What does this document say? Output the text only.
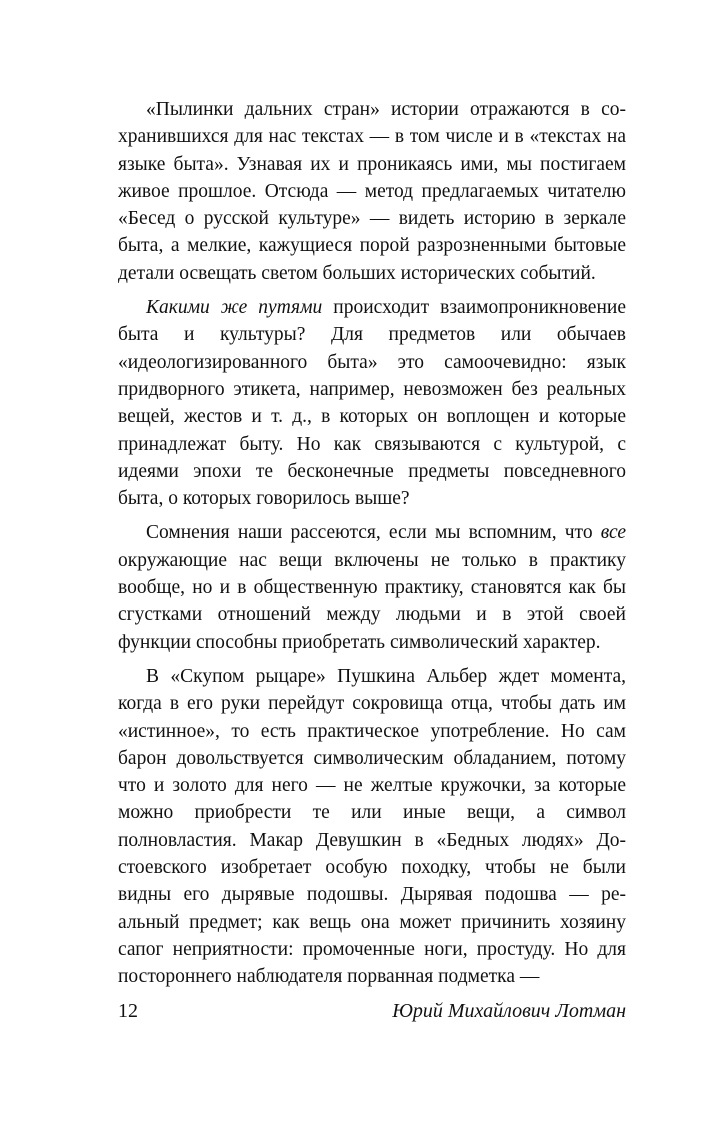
«Пылинки дальних стран» истории отражаются в сохранившихся для нас текстах — в том числе и в «текстах на языке быта». Узнавая их и проникаясь ими, мы постигаем живое прошлое. Отсюда — метод предлагаемых читателю «Бесед о русской культуре» — видеть историю в зеркале быта, а мелкие, кажущиеся порой разрозненными бытовые детали освещать светом больших исторических событий.

Какими же путями происходит взаимопроникновение быта и культуры? Для предметов или обычаев «идеологизированного быта» это самоочевидно: язык придворного этикета, например, невозможен без реальных вещей, жестов и т. д., в которых он воплощен и которые принадлежат быту. Но как связываются с культурой, с идеями эпохи те бесконечные предметы повседневного быта, о которых говорилось выше?

Сомнения наши рассеются, если мы вспомним, что все окружающие нас вещи включены не только в практику вообще, но и в общественную практику, становятся как бы сгустками отношений между людьми и в этой своей функции способны приобретать символический характер.

В «Скупом рыцаре» Пушкина Альбер ждет момента, когда в его руки перейдут сокровища отца, чтобы дать им «истинное», то есть практическое употребление. Но сам барон довольствуется символическим обладанием, потому что и золото для него — не желтые кружочки, за которые можно приобрести те или иные вещи, а символ полновластия. Макар Девушкин в «Бедных людях» Достоевского изобретает особую походку, чтобы не были видны его дырявые подошвы. Дырявая подошва — реальный предмет; как вещь она может причинить хозяину сапог неприятности: промоченные ноги, простуду. Но для постороннего наблюдателя порванная подметка —

12	Юрий Михайлович Лотман
